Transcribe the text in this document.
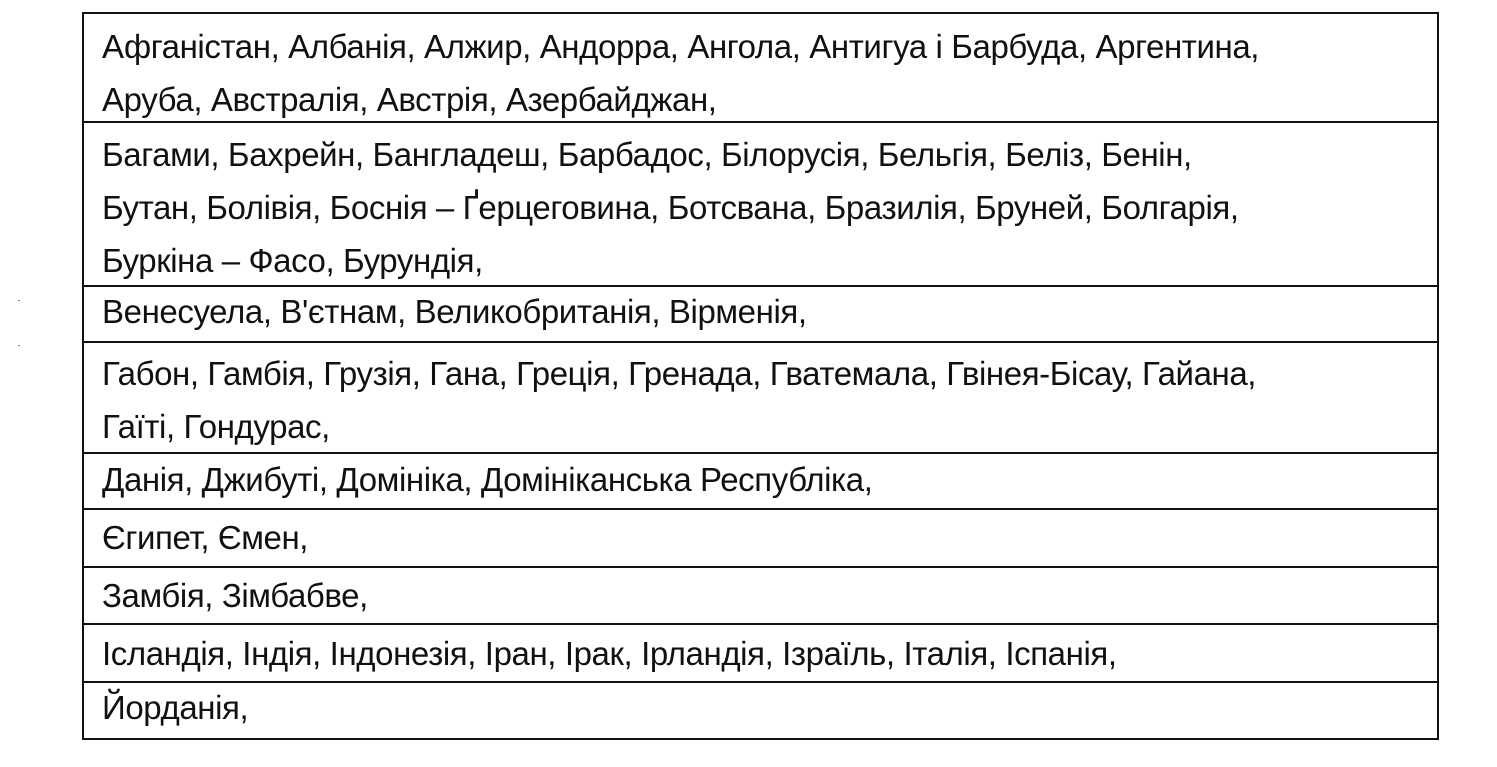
Афганістан, Албанія, Алжир, Андорра, Ангола, Антигуа і Барбуда, Аргентина,
Аруба, Австралія, Австрія, Азербайджан,
Багами, Бахрейн, Бангладеш, Барбадос, Білорусія, Бельгія, Беліз, Бенін,
Бутан, Болівія, Боснія – Ґерцеговина, Ботсвана, Бразилія, Бруней, Болгарія,
Буркіна – Фасо, Бурундія,
Венесуела, В'єтнам, Великобританія, Вірменія,
Габон, Гамбія, Грузія, Гана, Греція, Гренада, Гватемала, Гвінея-Бісау, Гайана,
Гаїті, Гондурас,
Данія, Джибуті, Домініка, Домініканська Республіка,
Єгипет, Ємен,
Замбія, Зімбабве,
Ісландія, Індія, Індонезія, Іран, Ірак, Ірландія, Ізраїль, Італія, Іспанія,
Йорданія,
